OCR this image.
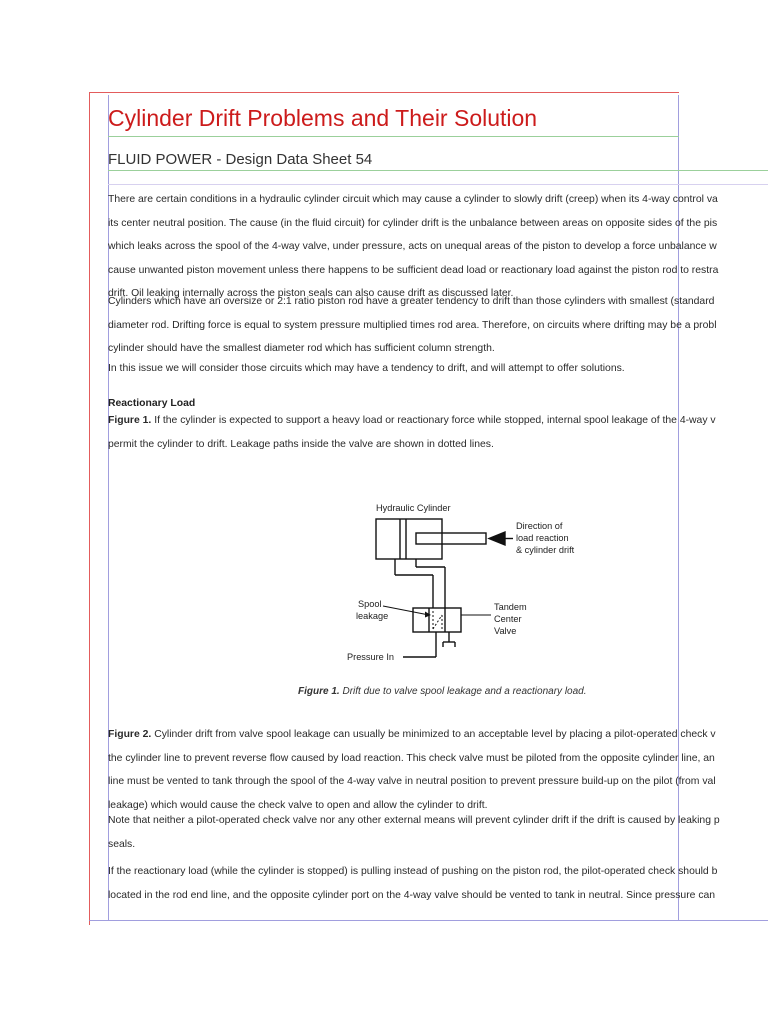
Cylinder Drift Problems and Their Solution
FLUID POWER - Design Data Sheet 54
There are certain conditions in a hydraulic cylinder circuit which may cause a cylinder to slowly drift (creep) when its 4-way control va
its center neutral position. The cause (in the fluid circuit) for cylinder drift is the unbalance between areas on opposite sides of the pis
which leaks across the spool of the 4-way valve, under pressure, acts on unequal areas of the piston to develop a force unbalance w
cause unwanted piston movement unless there happens to be sufficient dead load or reactionary load against the piston rod to restra
drift. Oil leaking internally across the piston seals can also cause drift as discussed later.
Cylinders which have an oversize or 2:1 ratio piston rod have a greater tendency to drift than those cylinders with smallest (standard
diameter rod. Drifting force is equal to system pressure multiplied times rod area. Therefore, on circuits where drifting may be a probl
cylinder should have the smallest diameter rod which has sufficient column strength.
In this issue we will consider those circuits which may have a tendency to drift, and will attempt to offer solutions.
Reactionary Load
Figure 1. If the cylinder is expected to support a heavy load or reactionary force while stopped, internal spool leakage of the 4-way v
permit the cylinder to drift. Leakage paths inside the valve are shown in dotted lines.
Hydraulic Cylinder
Direction of
load reaction
& cylinder drift
Spool
leakage
Tandem
Center
Valve
Pressure In
Figure 1. Drift due to valve spool leakage and a reactionary load.
Figure 2. Cylinder drift from valve spool leakage can usually be minimized to an acceptable level by placing a pilot-operated check v
the cylinder line to prevent reverse flow caused by load reaction. This check valve must be piloted from the opposite cylinder line, an
line must be vented to tank through the spool of the 4-way valve in neutral position to prevent pressure build-up on the pilot (from val
leakage) which would cause the check valve to open and allow the cylinder to drift.
Note that neither a pilot-operated check valve nor any other external means will prevent cylinder drift if the drift is caused by leaking p
seals.
If the reactionary load (while the cylinder is stopped) is pulling instead of pushing on the piston rod, the pilot-operated check should b
located in the rod end line, and the opposite cylinder port on the 4-way valve should be vented to tank in neutral. Since pressure can
